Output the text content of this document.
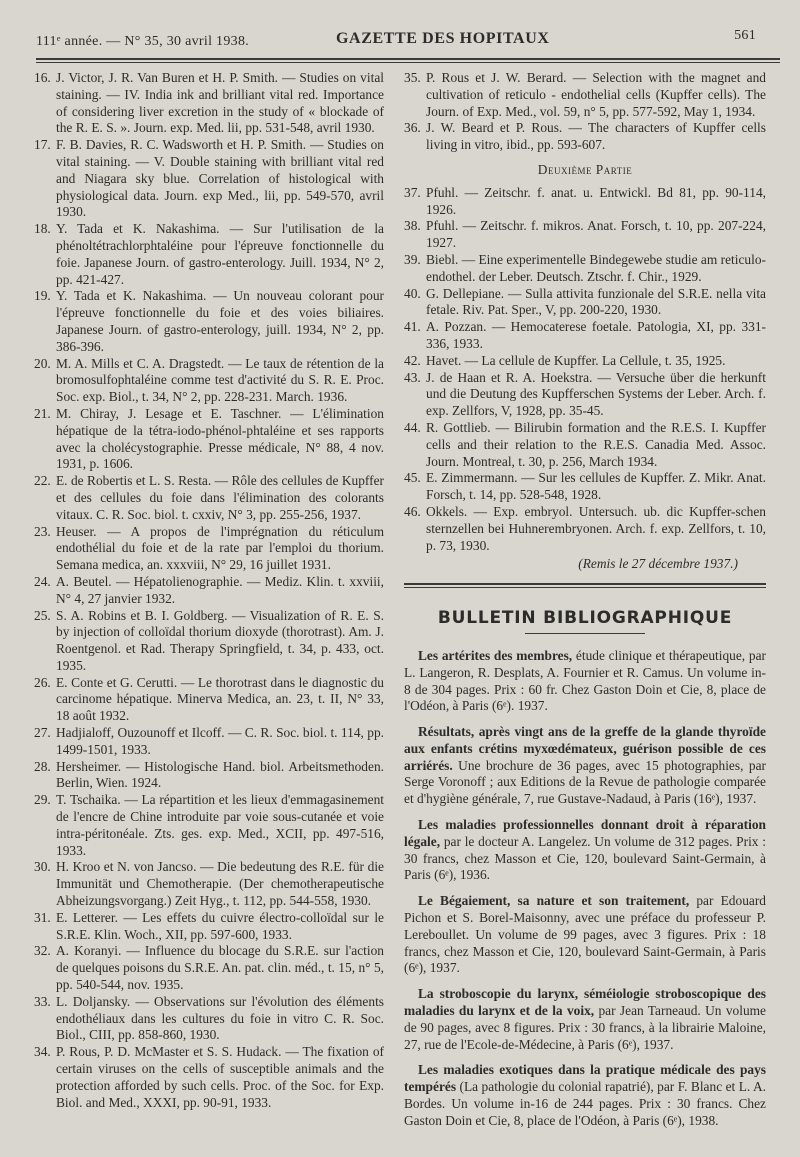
111ᵉ année. — N° 35, 30 avril 1938.	GAZETTE DES HOPITAUX	561
16. J. Victor, J. R. Van Buren et H. P. Smith. — Studies on vital staining. — IV. India ink and brilliant vital red. Importance of considering liver excretion in the study of « blockade of the R. E. S. ». Journ. exp. Med. lii, pp. 531-548, avril 1930.
17. F. B. Davies, R. C. Wadsworth et H. P. Smith. — Studies on vital staining. — V. Double staining with brilliant vital red and Niagara sky blue. Correlation of histological with physiological data. Journ. exp Med., lii, pp. 549-570, avril 1930.
18. Y. Tada et K. Nakashima. — Sur l'utilisation de la phénoltétrachlorphtaléine pour l'épreuve fonctionnelle du foie. Japanese Journ. of gastro-enterology. Juill. 1934, N° 2, pp. 421-427.
19. Y. Tada et K. Nakashima. — Un nouveau colorant pour l'épreuve fonctionnelle du foie et des voies biliaires. Japanese Journ. of gastro-enterology, juill. 1934, N° 2, pp. 386-396.
20. M. A. Mills et C. A. Dragstedt. — Le taux de rétention de la bromosulfophtaléine comme test d'activité du S. R. E. Proc. Soc. exp. Biol., t. 34, N° 2, pp. 228-231. March. 1936.
21. M. Chiray, J. Lesage et E. Taschner. — L'élimination hépatique de la tétra-iodo-phénol-phtaléine et ses rapports avec la cholécystographie. Presse médicale, N° 88, 4 nov. 1931, p. 1606.
22. E. de Robertis et L. S. Resta. — Rôle des cellules de Kupffer et des cellules du foie dans l'élimination des colorants vitaux. C. R. Soc. biol. t. cxxiv, N° 3, pp. 255-256, 1937.
23. Heuser. — A propos de l'imprégnation du réticulum endothélial du foie et de la rate par l'emploi du thorium. Semana medica, an. xxxviii, N° 29, 16 juillet 1931.
24. A. Beutel. — Hépatolienographie. — Mediz. Klin. t. xxviii, N° 4, 27 janvier 1932.
25. S. A. Robins et B. I. Goldberg. — Visualization of R. E. S. by injection of colloïdal thorium dioxyde (thorotrast). Am. J. Roentgenol. et Rad. Therapy Springfield, t. 34, p. 433, oct. 1935.
26. E. Conte et G. Cerutti. — Le thorotrast dans le diagnostic du carcinome hépatique. Minerva Medica, an. 23, t. II, N° 33, 18 août 1932.
27. Hadjialoff, Ouzounoff et Ilcoff. — C. R. Soc. biol. t. 114, pp. 1499-1501, 1933.
28. Hersheimer. — Histologische Hand. biol. Arbeitsmethoden. Berlin, Wien. 1924.
29. T. Tschaika. — La répartition et les lieux d'emmagasinement de l'encre de Chine introduite par voie sous-cutanée et voie intra-péritonéale. Zts. ges. exp. Med., XCII, pp. 497-516, 1933.
30. H. Kroo et N. von Jancso. — Die bedeutung des R.E. für die Immunität und Chemotherapie. (Der chemotherapeutische Abheizungsvorgang.) Zeit Hyg., t. 112, pp. 544-558, 1930.
31. E. Letterer. — Les effets du cuivre électro-colloïdal sur le S.R.E. Klin. Woch., XII, pp. 597-600, 1933.
32. A. Koranyi. — Influence du blocage du S.R.E. sur l'action de quelques poisons du S.R.E. An. pat. clin. méd., t. 15, n° 5, pp. 540-544, nov. 1935.
33. L. Doljansky. — Observations sur l'évolution des éléments endothéliaux dans les cultures du foie in vitro C. R. Soc. Biol., CIII, pp. 858-860, 1930.
34. P. Rous, P. D. McMaster et S. S. Hudack. — The fixation of certain viruses on the cells of susceptible animals and the protection afforded by such cells. Proc. of the Soc. for Exp. Biol. and Med., XXXI, pp. 90-91, 1933.
35. P. Rous et J. W. Berard. — Selection with the magnet and cultivation of reticulo - endothelial cells (Kupffer cells). The Journ. of Exp. Med., vol. 59, n° 5, pp. 577-592, May 1, 1934.
36. J. W. Beard et P. Rous. — The characters of Kupffer cells living in vitro, ibid., pp. 593-607.
Deuxième Partie
37. Pfuhl. — Zeitschr. f. anat. u. Entwickl. Bd 81, pp. 90-114, 1926.
38. Pfuhl. — Zeitschr. f. mikros. Anat. Forsch, t. 10, pp. 207-224, 1927.
39. Biebl. — Eine experimentelle Bindegewebe studie am reticulo-endothel. der Leber. Deutsch. Ztschr. f. Chir., 1929.
40. G. Dellepiane. — Sulla attivita funzionale del S.R.E. nella vita fetale. Riv. Pat. Sper., V, pp. 200-220, 1930.
41. A. Pozzan. — Hemocaterese foetale. Patologia, XI, pp. 331-336, 1933.
42. Havet. — La cellule de Kupffer. La Cellule, t. 35, 1925.
43. J. de Haan et R. A. Hoekstra. — Versuche über die herkunft und die Deutung des Kupfferschen Systems der Leber. Arch. f. exp. Zellfors, V, 1928, pp. 35-45.
44. R. Gottlieb. — Bilirubin formation and the R.E.S. I. Kupffer cells and their relation to the R.E.S. Canadia Med. Assoc. Journ. Montreal, t. 30, p. 256, March 1934.
45. E. Zimmermann. — Sur les cellules de Kupffer. Z. Mikr. Anat. Forsch, t. 14, pp. 528-548, 1928.
46. Okkels. — Exp. embryol. Untersuch. ub. dic Kupffer-schen sternzellen bei Huhnerembryonen. Arch. f. exp. Zellfors, t. 10, p. 73, 1930.
(Remis le 27 décembre 1937.)
BULLETIN BIBLIOGRAPHIQUE
Les artérites des membres, étude clinique et thérapeutique, par L. Langeron, R. Desplats, A. Fournier et R. Camus. Un volume in-8 de 304 pages. Prix : 60 fr. Chez Gaston Doin et Cie, 8, place de l'Odéon, à Paris (6ᵉ). 1937.
Résultats, après vingt ans de la greffe de la glande thyroïde aux enfants crétins myxœdémateux, guérison possible de ces arriérés. Une brochure de 36 pages, avec 15 photographies, par Serge Voronoff ; aux Editions de la Revue de pathologie comparée et d'hygiène générale, 7, rue Gustave-Nadaud, à Paris (16ᵉ), 1937.
Les maladies professionnelles donnant droit à réparation légale, par le docteur A. Langelez. Un volume de 312 pages. Prix : 30 francs, chez Masson et Cie, 120, boulevard Saint-Germain, à Paris (6ᵉ), 1936.
Le Bégaiement, sa nature et son traitement, par Edouard Pichon et S. Borel-Maisonny, avec une préface du professeur P. Lereboullet. Un volume de 99 pages, avec 3 figures. Prix : 18 francs, chez Masson et Cie, 120, boulevard Saint-Germain, à Paris (6ᵉ), 1937.
La stroboscopie du larynx, séméiologie stroboscopique des maladies du larynx et de la voix, par Jean Tarneaud. Un volume de 90 pages, avec 8 figures. Prix : 30 francs, à la librairie Maloine, 27, rue de l'Ecole-de-Médecine, à Paris (6ᵉ), 1937.
Les maladies exotiques dans la pratique médicale des pays tempérés (La pathologie du colonial rapatrié), par F. Blanc et L. A. Bordes. Un volume in-16 de 244 pages. Prix : 30 francs. Chez Gaston Doin et Cie, 8, place de l'Odéon, à Paris (6ᵉ), 1938.
